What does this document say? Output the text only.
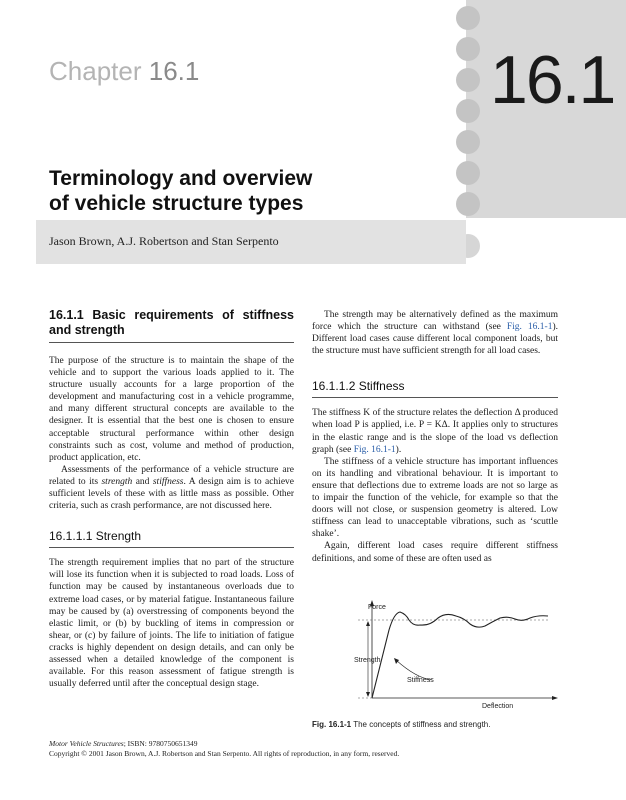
16.1
Chapter 16.1
Terminology and overview
of vehicle structure types
Jason Brown, A.J. Robertson and Stan Serpento
16.1.1 Basic requirements of stiffness and strength

The purpose of the structure is to maintain the shape of the vehicle and to support the various loads applied to it. The structure usually accounts for a large proportion of the development and manufacturing cost in a vehicle programme, and many different structural concepts are available to the designer. It is essential that the best one is chosen to ensure acceptable structural performance within other design constraints such as cost, volume and method of production, product application, etc.

Assessments of the performance of a vehicle structure are related to its strength and stiffness. A design aim is to achieve sufficient levels of these with as little mass as possible. Other criteria, such as crash performance, are not discussed here.

16.1.1.1 Strength

The strength requirement implies that no part of the structure will lose its function when it is subjected to road loads. Loss of function may be caused by instantaneous overloads due to extreme load cases, or by material fatigue. Instantaneous failure may be caused by (a) overstressing of components beyond the elastic limit, or (b) by buckling of items in compression or shear, or (c) by failure of joints. The life to initiation of fatigue cracks is highly dependent on design details, and can only be assessed when a detailed knowledge of the component is available. For this reason assessment of fatigue strength is usually deferred until after the conceptual design stage.

The strength may be alternatively defined as the maximum force which the structure can withstand (see Fig. 16.1-1). Different load cases cause different local component loads, but the structure must have sufficient strength for all load cases.

16.1.1.2 Stiffness

The stiffness K of the structure relates the deflection Δ produced when load P is applied, i.e. P = KΔ. It applies only to structures in the elastic range and is the slope of the load vs deflection graph (see Fig. 16.1-1).

The stiffness of a vehicle structure has important influences on its handling and vibrational behaviour. It is important to ensure that deflections due to extreme loads are not so large as to impair the function of the vehicle, for example so that the doors will not close, or suspension geometry is altered. Low stiffness can lead to unacceptable vibrations, such as ‘scuttle shake’.

Again, different load cases require different stiffness definitions, and some of these are often used as

Force
Deflection
Strength
Stiffness
Fig. 16.1-1 The concepts of stiffness and strength.
Motor Vehicle Structures; ISBN: 9780750651349
Copyright © 2001 Jason Brown, A.J. Robertson and Stan Serpento. All rights of reproduction, in any form, reserved.
